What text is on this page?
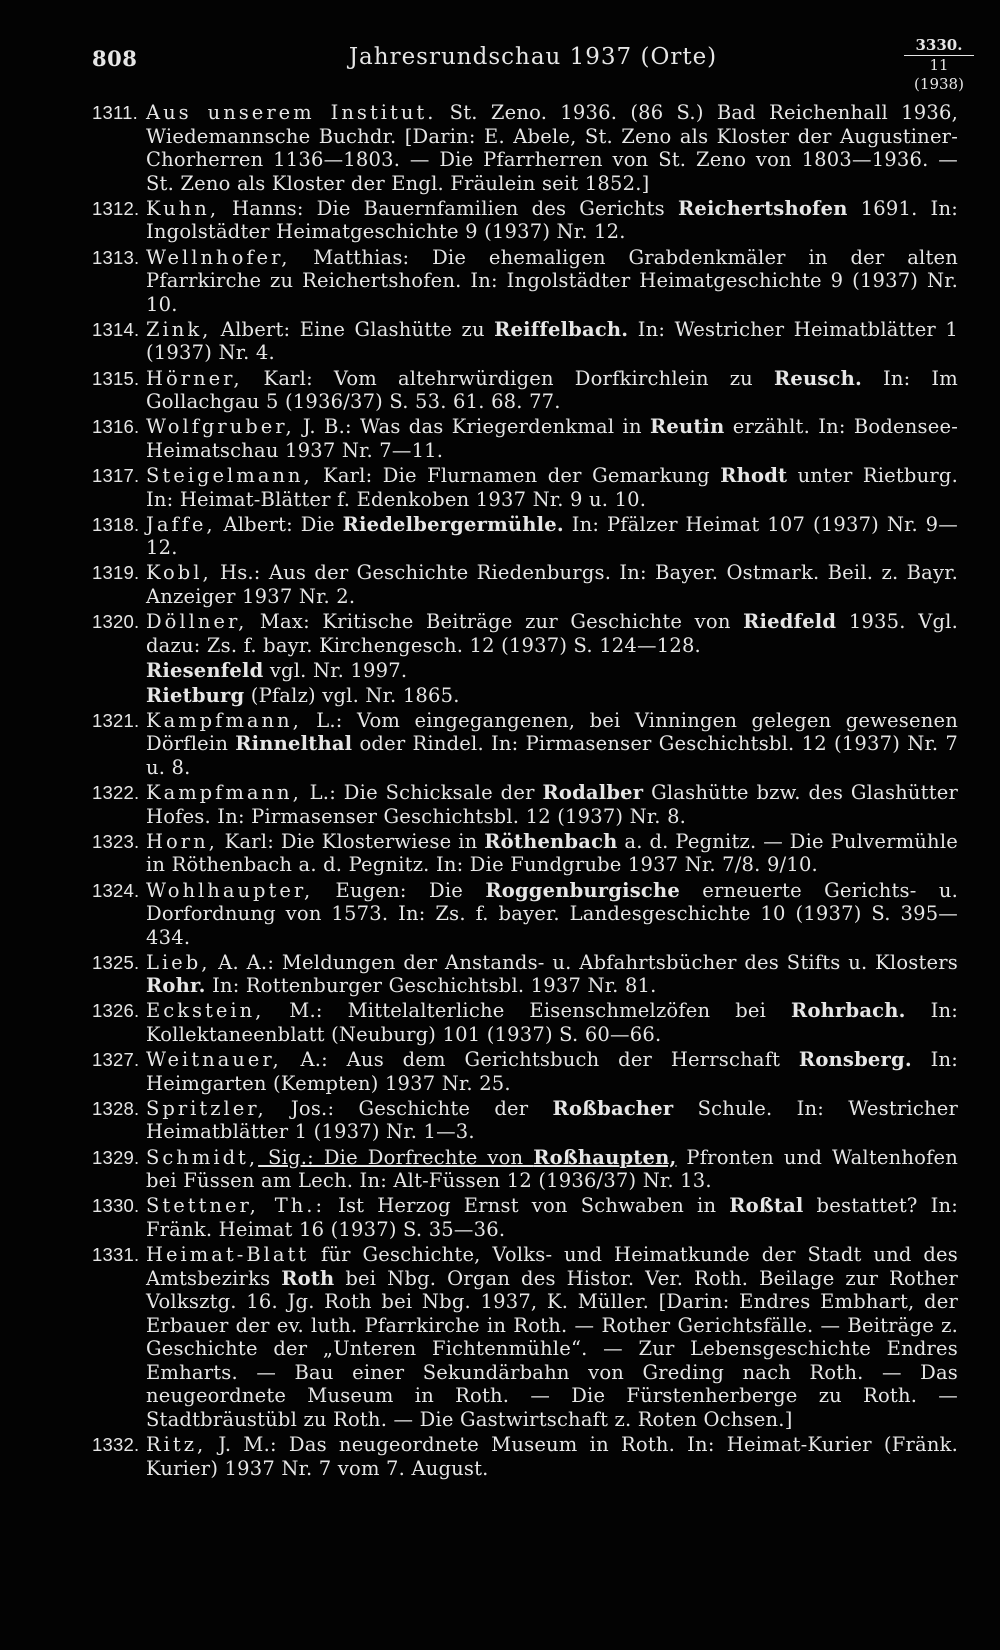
808	Jahresrundschau 1937 (Orte)	3330.
11 (1938)
1311. Aus unserem Institut. St. Zeno. 1936. (86 S.) Bad Reichenhall 1936, Wiedemannsche Buchdr. [Darin: E. Abele, St. Zeno als Kloster der Augustiner-Chorherren 1136—1803. — Die Pfarrherren von St. Zeno von 1803—1936. — St. Zeno als Kloster der Engl. Fräulein seit 1852.]
1312. Kuhn, Hanns: Die Bauernfamilien des Gerichts Reichertshofen 1691. In: Ingolstädter Heimatgeschichte 9 (1937) Nr. 12.
1313. Wellnhofer, Matthias: Die ehemaligen Grabdenkmäler in der alten Pfarrkirche zu Reichertshofen. In: Ingolstädter Heimatgeschichte 9 (1937) Nr. 10.
1314. Zink, Albert: Eine Glashütte zu Reiffelbach. In: Westricher Heimatblätter 1 (1937) Nr. 4.
1315. Hörner, Karl: Vom altehrwürdigen Dorfkirchlein zu Reusch. In: Im Gollachgau 5 (1936/37) S. 53. 61. 68. 77.
1316. Wolfgruber, J. B.: Was das Kriegerdenkmal in Reutin erzählt. In: Bodensee-Heimatschau 1937 Nr. 7—11.
1317. Steigelmann, Karl: Die Flurnamen der Gemarkung Rhodt unter Rietburg. In: Heimat-Blätter f. Edenkoben 1937 Nr. 9 u. 10.
1318. Jaffe, Albert: Die Riedelbergermühle. In: Pfälzer Heimat 107 (1937) Nr. 9—12.
1319. Kobl, Hs.: Aus der Geschichte Riedenburgs. In: Bayer. Ostmark. Beil. z. Bayr. Anzeiger 1937 Nr. 2.
1320. Döllner, Max: Kritische Beiträge zur Geschichte von Riedfeld 1935. Vgl. dazu: Zs. f. bayr. Kirchengesch. 12 (1937) S. 124—128.
Riesenfeld vgl. Nr. 1997.
Rietburg (Pfalz) vgl. Nr. 1865.
1321. Kampfmann, L.: Vom eingegangenen, bei Vinningen gelegen gewesenen Dörflein Rinnelthal oder Rindel. In: Pirmasenser Geschichtsbl. 12 (1937) Nr. 7 u. 8.
1322. Kampfmann, L.: Die Schicksale der Rodalber Glashütte bzw. des Glashütter Hofes. In: Pirmasenser Geschichtsbl. 12 (1937) Nr. 8.
1323. Horn, Karl: Die Klosterwiese in Röthenbach a. d. Pegnitz. — Die Pulvermühle in Röthenbach a. d. Pegnitz. In: Die Fundgrube 1937 Nr. 7/8. 9/10.
1324. Wohlhaupter, Eugen: Die Roggenburgische erneuerte Gerichts- u. Dorfordnung von 1573. In: Zs. f. bayer. Landesgeschichte 10 (1937) S. 395—434.
1325. Lieb, A. A.: Meldungen der Anstands- u. Abfahrtsbücher des Stifts u. Klosters Rohr. In: Rottenburger Geschichtsbl. 1937 Nr. 81.
1326. Eckstein, M.: Mittelalterliche Eisenschmelzöfen bei Rohrbach. In: Kollektaneenblatt (Neuburg) 101 (1937) S. 60—66.
1327. Weitnauer, A.: Aus dem Gerichtsbuch der Herrschaft Ronsberg. In: Heimgarten (Kempten) 1937 Nr. 25.
1328. Spritzler, Jos.: Geschichte der Roßbacher Schule. In: Westricher Heimatblätter 1 (1937) Nr. 1—3.
1329. Schmidt, Sig.: Die Dorfrechte von Roßhaupten, Pfronten und Waltenhofen bei Füssen am Lech. In: Alt-Füssen 12 (1936/37) Nr. 13.
1330. Stettner, Th.: Ist Herzog Ernst von Schwaben in Roßtal bestattet? In: Fränk. Heimat 16 (1937) S. 35—36.
1331. Heimat-Blatt für Geschichte, Volks- und Heimatkunde der Stadt und des Amtsbezirks Roth bei Nbg. Organ des Histor. Ver. Roth. Beilage zur Rother Volksztg. 16. Jg. Roth bei Nbg. 1937, K. Müller. [Darin: Endres Embhart, der Erbauer der ev. luth. Pfarrkirche in Roth. — Rother Gerichtsfälle. — Beiträge z. Geschichte der „Unteren Fichtenmühle“. — Zur Lebensgeschichte Endres Emharts. — Bau einer Sekundärbahn von Greding nach Roth. — Das neugeordnete Museum in Roth. — Die Fürstenherberge zu Roth. — Stadtbräustübl zu Roth. — Die Gastwirtschaft z. Roten Ochsen.]
1332. Ritz, J. M.: Das neugeordnete Museum in Roth. In: Heimat-Kurier (Fränk. Kurier) 1937 Nr. 7 vom 7. August.
